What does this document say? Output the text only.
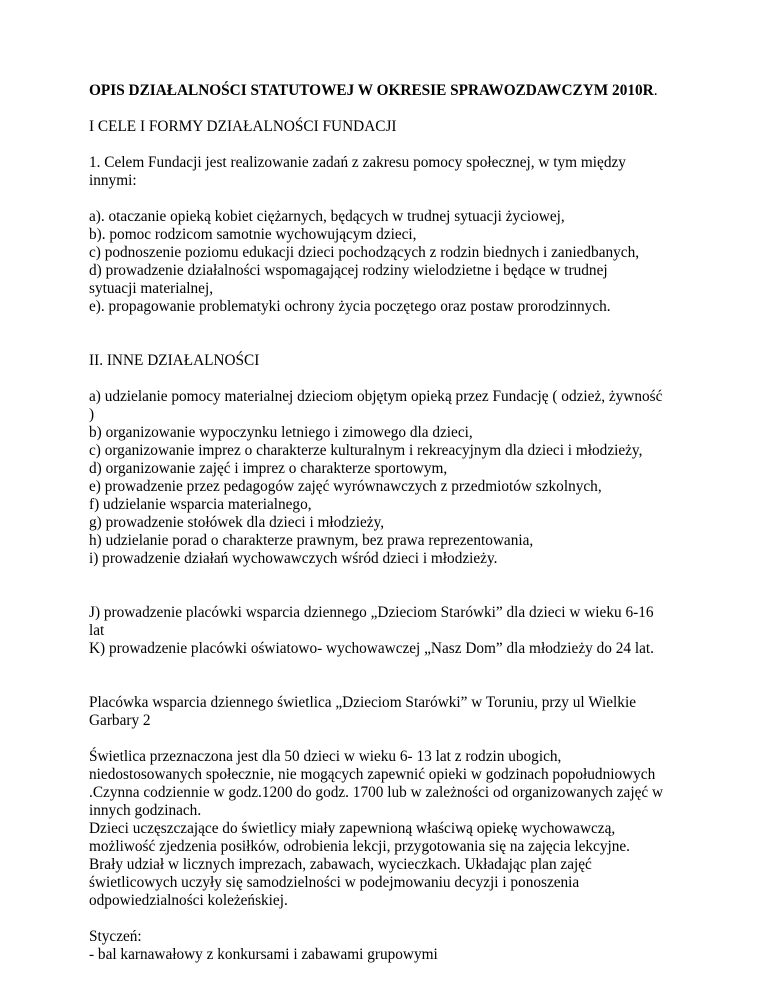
OPIS DZIAŁALNOŚCI STATUTOWEJ W OKRESIE SPRAWOZDAWCZYM 2010R.
I CELE I FORMY DZIAŁALNOŚCI FUNDACJI
1. Celem Fundacji jest realizowanie zadań z zakresu pomocy społecznej, w tym między
innymi:
a). otaczanie opieką kobiet ciężarnych, będących w trudnej sytuacji życiowej,
b). pomoc rodzicom samotnie wychowującym dzieci,
c) podnoszenie poziomu edukacji dzieci pochodzących z rodzin biednych i zaniedbanych,
d) prowadzenie działalności wspomagającej rodziny wielodzietne i będące w trudnej
sytuacji materialnej,
e). propagowanie problematyki ochrony życia poczętego oraz postaw prorodzinnych.
II. INNE DZIAŁALNOŚCI
a) udzielanie pomocy materialnej dzieciom objętym opieką przez Fundację ( odzież, żywność
)
b) organizowanie wypoczynku letniego i zimowego dla dzieci,
c) organizowanie imprez o charakterze kulturalnym i rekreacyjnym dla dzieci i młodzieży,
d) organizowanie zajęć i imprez o charakterze sportowym,
e) prowadzenie przez pedagogów zajęć wyrównawczych z przedmiotów szkolnych,
f) udzielanie wsparcia materialnego,
g) prowadzenie stołówek dla dzieci i młodzieży,
h) udzielanie porad o charakterze prawnym, bez prawa reprezentowania,
i) prowadzenie działań wychowawczych wśród dzieci i młodzieży.
J) prowadzenie placówki wsparcia dziennego „Dzieciom Starówki” dla dzieci w wieku 6-16
lat
K) prowadzenie placówki oświatowo- wychowawczej „Nasz Dom” dla młodzieży do 24 lat.
Placówka wsparcia dziennego świetlica „Dzieciom Starówki” w Toruniu, przy ul Wielkie
Garbary 2
Świetlica przeznaczona jest dla 50 dzieci w wieku 6- 13 lat z rodzin ubogich,
niedostosowanych społecznie, nie mogących zapewnić opieki w godzinach popołudniowych
.Czynna codziennie w godz.1200 do godz. 1700 lub w zależności od organizowanych zajęć w
innych godzinach.
Dzieci uczęszczające do świetlicy miały zapewnioną właściwą opiekę wychowawczą,
możliwość zjedzenia posiłków, odrobienia lekcji, przygotowania się na zajęcia lekcyjne.
Brały udział w licznych imprezach, zabawach, wycieczkach. Układając plan zajęć
świetlicowych uczyły się samodzielności w podejmowaniu decyzji i ponoszenia
odpowiedzialności koleżeńskiej.
Styczeń:
- bal karnawałowy z konkursami i zabawami grupowymi
